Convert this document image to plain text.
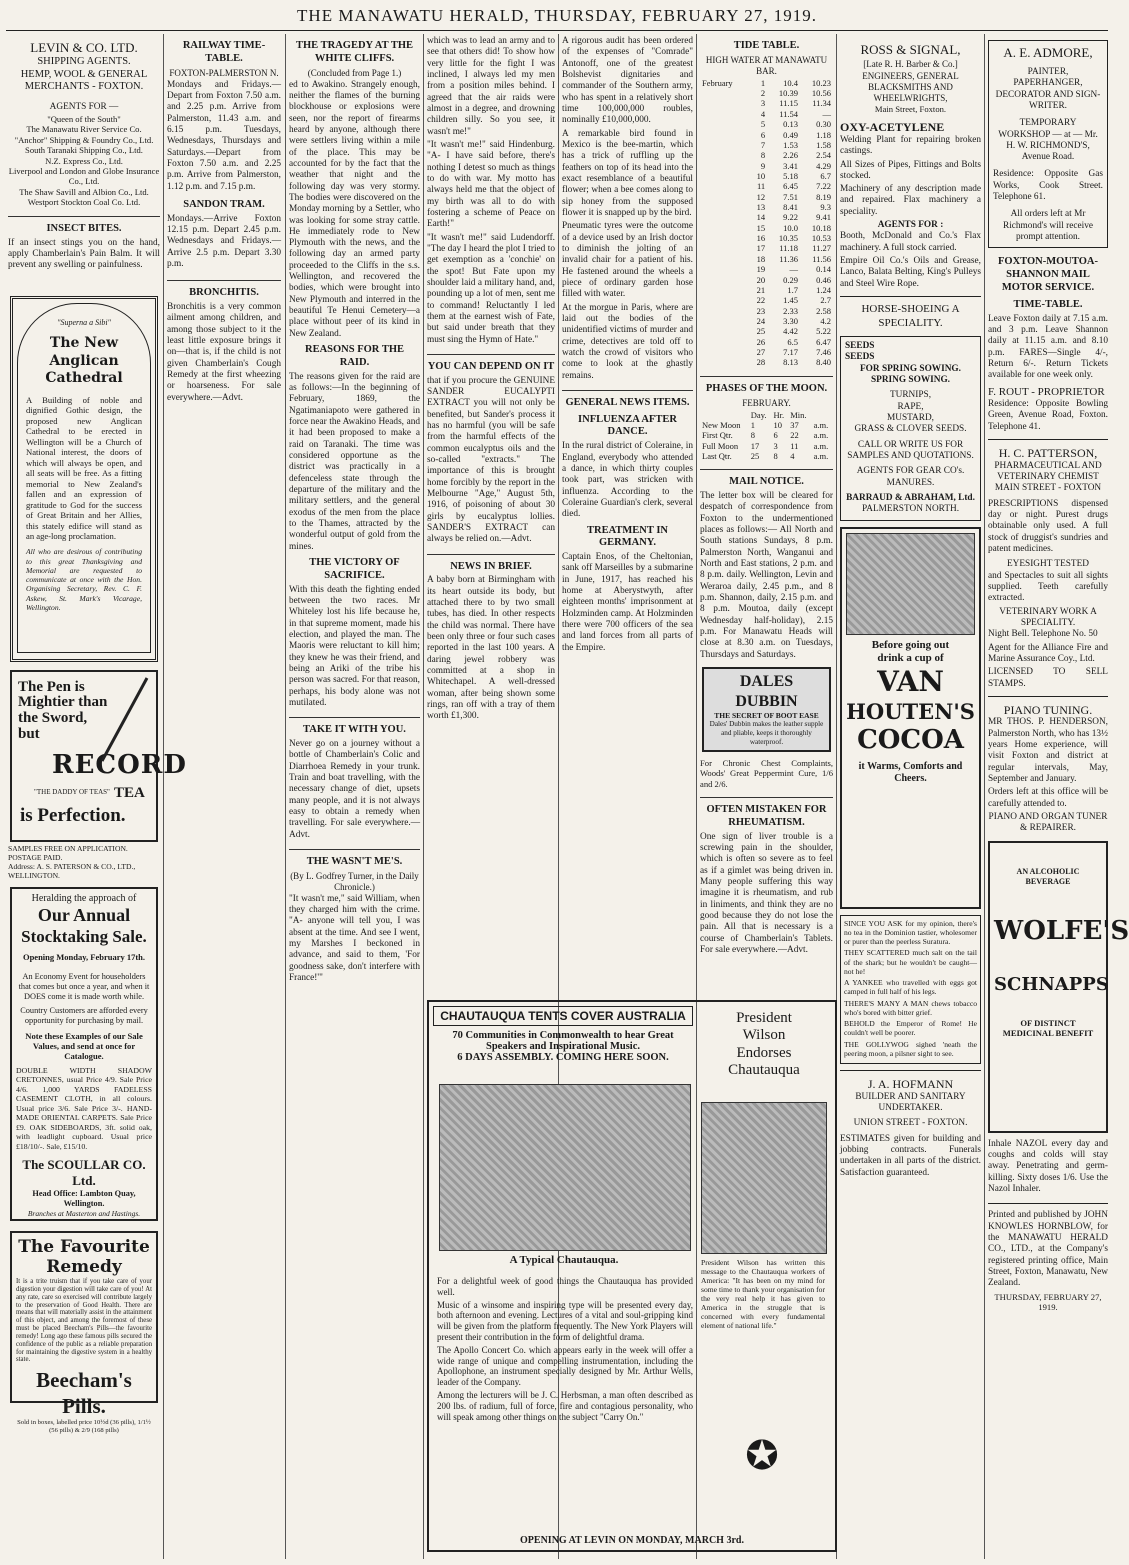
THE MANAWATU HERALD, THURSDAY, FEBRUARY 27, 1919.
LEVIN & CO. LTD.
SHIPPING AGENTS.
HEMP, WOOL & GENERAL
MERCHANTS - FOXTON.
AGENTS FOR —
"Queen of the South"
The Manawatu River Service Co.
"Anchor" Shipping & Foundry Co., Ltd.
South Taranaki Shipping Co., Ltd.
N.Z. Express Co., Ltd.
Liverpool and London and Globe Insurance Co., Ltd.
The Shaw Savill and Albion Co., Ltd.
Westport Stockton Coal Co. Ltd.
INSECT BITES.
If an insect stings you on the hand, apply Chamberlain's Pain Balm. It will prevent any swelling or painfulness.
"Superna a Sibi"
The New Anglican Cathedral
A Building of noble and dignified Gothic design, the proposed new Anglican Cathedral to be erected in Wellington will be a Church of National interest, the doors of which will always be open, and all seats will be free. As a fitting memorial to New Zealand's fallen and an expression of gratitude to God for the success of Great Britain and her Allies, this stately edifice will stand as an age-long proclamation.
All who are desirous of contributing to this great Thanksgiving and Memorial are requested to communicate at once with the Hon. Organising Secretary, Rev. C. F. Askew, St. Mark's Vicarage, Wellington.
The Pen is
Mightier than
the Sword,
but
RECORD
"THE DADDY OF TEAS" TEA
is Perfection.
SAMPLES FREE ON APPLICATION. POSTAGE PAID.
Address: A. S. PATERSON & CO., LTD., WELLINGTON.
Heralding the approach of
Our Annual
Stocktaking Sale.
Opening Monday, February 17th.
An Economy Event for householders that comes but once a year, and when it DOES come it is made worth while.
Country Customers are afforded every opportunity for purchasing by mail.
Note these Examples of our Sale Values, and send at once for Catalogue.
DOUBLE WIDTH SHADOW CRETONNES, usual Price 4/9. Sale Price 4/6. 1,000 YARDS FADELESS CASEMENT CLOTH, in all colours. Usual price 3/6. Sale Price 3/-. HAND-MADE ORIENTAL CARPETS. Sale Price £9. OAK SIDEBOARDS, 3ft. solid oak, with leadlight cupboard. Usual price £18/10/-. Sale, £15/10.
The SCOULLAR CO. Ltd.
Head Office: Lambton Quay, Wellington.
Branches at Masterton and Hastings.
The Favourite Remedy
It is a trite truism that if you take care of your digestion your digestion will take care of you! At any rate, care so exercised will contribute largely to the preservation of Good Health. There are means that will materially assist in the attainment of this object, and among the foremost of these must be placed Beecham's Pills—the favourite remedy! Long ago these famous pills secured the confidence of the public as a reliable preparation for maintaining the digestive system in a healthy state.
Beecham's Pills.
Sold in boxes, labelled price 10½d (36 pills), 1/1½ (56 pills) & 2/9 (168 pills)
RAILWAY TIME-TABLE.
FOXTON-PALMERSTON N.
Mondays and Fridays.—Depart from Foxton 7.50 a.m. and 2.25 p.m. Arrive from Palmerston, 11.43 a.m. and 6.15 p.m. Tuesdays, Wednesdays, Thursdays and Saturdays.—Depart from Foxton 7.50 a.m. and 2.25 p.m. Arrive from Palmerston, 1.12 p.m. and 7.15 p.m.
SANDON TRAM.
Mondays.—Arrive Foxton 12.15 p.m. Depart 2.45 p.m. Wednesdays and Fridays.—Arrive 2.5 p.m. Depart 3.30 p.m.
BRONCHITIS.
Bronchitis is a very common ailment among children, and among those subject to it the least little exposure brings it on—that is, if the child is not given Chamberlain's Cough Remedy at the first wheezing or hoarseness. For sale everywhere.—Advt.
THE TRAGEDY AT THE WHITE CLIFFS.
(Concluded from Page 1.)
ed to Awakino. Strangely enough, neither the flames of the burning blockhouse or explosions were seen, nor the report of firearms heard by anyone, although there were settlers living within a mile of the place. This may be accounted for by the fact that the weather that night and the following day was very stormy. The bodies were discovered on the Monday morning by a Settler, who was looking for some stray cattle. He immediately rode to New Plymouth with the news, and the following day an armed party proceeded to the Cliffs in the s.s. Wellington, and recovered the bodies, which were brought into New Plymouth and interred in the beautiful Te Henui Cemetery—a place without peer of its kind in New Zealand.
REASONS FOR THE RAID.
The reasons given for the raid are as follows:—In the beginning of February, 1869, the Ngatimaniapoto were gathered in force near the Awakino Heads, and it had been proposed to make a raid on Taranaki. The time was considered opportune as the district was practically in a defenceless state through the departure of the military and the military settlers, and the general exodus of the men from the place to the Thames, attracted by the wonderful output of gold from the mines.
THE VICTORY OF SACRIFICE.
With this death the fighting ended between the two races. Mr Whiteley lost his life because he, in that supreme moment, made his election, and played the man. The Maoris were reluctant to kill him; they knew he was their friend, and being an Ariki of the tribe his person was sacred. For that reason, perhaps, his body alone was not mutilated.
TAKE IT WITH YOU.
Never go on a journey without a bottle of Chamberlain's Colic and Diarrhoea Remedy in your trunk. Train and boat travelling, with the necessary change of diet, upsets many people, and it is not always easy to obtain a remedy when travelling. For sale everywhere.—Advt.
THE WASN'T ME'S.
(By L. Godfrey Turner, in the Daily Chronicle.)
"It wasn't me," said William, when they charged him with the crime. "A- anyone will tell you, I was absent at the time. And see I went, my Marshes I beckoned in advance, and said to them, 'For goodness sake, don't interfere with France!'"
which was to lead an army and to see that others did! To show how very little for the fight I was inclined, I always led my men from a position miles behind. I agreed that the air raids were almost in a degree, and drowning children silly. So you see, it wasn't me!"
"It wasn't me!" said Hindenburg. "A- I have said before, there's nothing I detest so much as things to do with war. My motto has always held me that the object of my birth was all to do with fostering a scheme of Peace on Earth!"
"It wasn't me!" said Ludendorff. "The day I heard the plot I tried to get exemption as a 'conchie' on the spot! But Fate upon my shoulder laid a military hand, and, pounding up a lot of men, sent me to command! Reluctantly I led them at the earnest wish of Fate, but said under breath that they must sing the Hymn of Hate."
YOU CAN DEPEND ON IT
that if you procure the GENUINE SANDER EUCALYPTI EXTRACT you will not only be benefited, but Sander's process it has no harmful (you will be safe from the harmful effects of the common eucalyptus oils and the so-called "extracts." The importance of this is brought home forcibly by the report in the Melbourne "Age," August 5th, 1916, of poisoning of about 30 girls by eucalyptus lollies. SANDER'S EXTRACT can always be relied on.—Advt.
NEWS IN BRIEF.
A baby born at Birmingham with its heart outside its body, but attached there to by two small tubes, has died. In other respects the child was normal. There have been only three or four such cases reported in the last 100 years. A daring jewel robbery was committed at a shop in Whitechapel. A well-dressed woman, after being shown some rings, ran off with a tray of them worth £1,300.
A rigorous audit has been ordered of the expenses of "Comrade" Antonoff, one of the greatest Bolshevist dignitaries and commander of the Southern army, who has spent in a relatively short time 100,000,000 roubles, nominally £10,000,000.
A remarkable bird found in Mexico is the bee-martin, which has a trick of ruffling up the feathers on top of its head into the exact resemblance of a beautiful flower; when a bee comes along to sip honey from the supposed flower it is snapped up by the bird.
Pneumatic tyres were the outcome of a device used by an Irish doctor to diminish the jolting of an invalid chair for a patient of his. He fastened around the wheels a piece of ordinary garden hose filled with water.
At the morgue in Paris, where are laid out the bodies of the unidentified victims of murder and crime, detectives are told off to watch the crowd of visitors who come to look at the ghastly remains.
GENERAL NEWS ITEMS.
INFLUENZA AFTER DANCE.
In the rural district of Coleraine, in England, everybody who attended a dance, in which thirty couples took part, was stricken with influenza. According to the Coleraine Guardian's clerk, several died.
TREATMENT IN GERMANY.
Captain Enos, of the Cheltonian, sank off Marseilles by a submarine in June, 1917, has reached his home at Aberystwyth, after eighteen months' imprisonment at Holzminden camp. At Holzminden there were 700 officers of the sea and land forces from all parts of the Empire.
TIDE TABLE.
HIGH WATER AT MANAWATU BAR.
February	1	10.4	10.23
	2	10.39	10.56
	3	11.15	11.34
	4	11.54	—
	5	0.13	0.30
	6	0.49	1.18
	7	1.53	1.58
	8	2.26	2.54
	9	3.41	4.29
	10	5.18	6.7
	11	6.45	7.22
	12	7.51	8.19
	13	8.41	9.3
	14	9.22	9.41
	15	10.0	10.18
	16	10.35	10.53
	17	11.18	11.27
	18	11.36	11.56
	19	—	0.14
	20	0.29	0.46
	21	1.7	1.24
	22	1.45	2.7
	23	2.33	2.58
	24	3.30	4.2
	25	4.42	5.22
	26	6.5	6.47
	27	7.17	7.46
	28	8.13	8.40
PHASES OF THE MOON.
FEBRUARY.
	Day.	Hr.	Min.	
New Moon	1	10	37	a.m.
First Qtr.	8	6	22	a.m.
Full Moon	17	3	11	a.m.
Last Qtr.	25	8	4	a.m.
MAIL NOTICE.
The letter box will be cleared for despatch of correspondence from Foxton to the undermentioned places as follows:— All North and South stations Sundays, 8 p.m. Palmerston North, Wanganui and North and East stations, 2 p.m. and 8 p.m. daily. Wellington, Levin and Weraroa daily, 2.45 p.m., and 8 p.m. Shannon, daily, 2.15 p.m. and 8 p.m. Moutoa, daily (except Wednesday half-holiday), 2.15 p.m. For Manawatu Heads will close at 8.30 a.m. on Tuesdays, Thursdays and Saturdays.
DALES DUBBIN
THE SECRET OF BOOT EASE
Dales' Dubbin makes the leather supple and pliable, keeps it thoroughly waterproof.
For Chronic Chest Complaints, Woods' Great Peppermint Cure, 1/6 and 2/6.
OFTEN MISTAKEN FOR RHEUMATISM.
One sign of liver trouble is a screwing pain in the shoulder, which is often so severe as to feel as if a gimlet was being driven in. Many people suffering this way imagine it is rheumatism, and rub in liniments, and think they are no good because they do not lose the pain. All that is necessary is a course of Chamberlain's Tablets. For sale everywhere.—Advt.
CHAUTAUQUA TENTS COVER AUSTRALIA
70 Communities in Commonwealth to hear Great Speakers and Inspirational Music.
6 DAYS ASSEMBLY. COMING HERE SOON.
A Typical Chautauqua.
President
Wilson
Endorses
Chautauqua
President Wilson has written this message to the Chautauqua workers of America: "It has been on my mind for some time to thank your organisation for the very real help it has given to America in the struggle that is concerned with every fundamental element of national life."
For a delightful week of good things the Chautauqua has provided well.
Music of a winsome and inspiring type will be presented every day, both afternoon and evening. Lectures of a vital and soul-gripping kind will be given from the platform frequently. The New York Players will present their contribution in the form of delightful drama.
The Apollo Concert Co. which appears early in the week will offer a wide range of unique and compelling instrumentation, including the Apollophone, an instrument specially designed by Mr. Arthur Wells, leader of the Company.
Among the lecturers will be J. C. Herbsman, a man often described as 200 lbs. of radium, full of force, fire and contagious personality, who will speak among other things on the subject "Carry On."
✪
OPENING AT LEVIN ON MONDAY, MARCH 3rd.
ROSS & SIGNAL,
[Late R. H. Barber & Co.]
ENGINEERS, GENERAL BLACKSMITHS AND WHEELWRIGHTS,
Main Street, Foxton.
OXY-ACETYLENE
Welding Plant for repairing broken castings.
All Sizes of Pipes, Fittings and Bolts stocked.
Machinery of any description made and repaired. Flax machinery a speciality.
AGENTS FOR :
Booth, McDonald and Co.'s Flax machinery. A full stock carried.
Empire Oil Co.'s Oils and Grease, Lanco, Balata Belting, King's Pulleys and Steel Wire Rope.
HORSE-SHOEING A SPECIALITY.
SEEDS
SEEDS
FOR SPRING SOWING.
SPRING SOWING.
TURNIPS,
RAPE,
MUSTARD,
GRASS & CLOVER SEEDS.
CALL OR WRITE US FOR SAMPLES AND QUOTATIONS.
AGENTS FOR GEAR CO's. MANURES.
BARRAUD & ABRAHAM, Ltd.
PALMERSTON NORTH.
Before going out
drink a cup of
VAN
HOUTEN'S
COCOA
it Warms, Comforts and Cheers.
SINCE YOU ASK for my opinion, there's no tea in the Dominion tastier, wholesomer or purer than the peerless Suratura.
THEY SCATTERED much salt on the tail of the shark; but he wouldn't be caught—not he!
A YANKEE who travelled with eggs got camped in full half of his legs.
THERE'S MANY A MAN chews tobacco who's bored with bitter grief.
BEHOLD the Emperor of Rome! He couldn't well be poorer.
THE GOLLYWOG sighed 'neath the peering moon, a pilsner sight to see.
J. A. HOFMANN
BUILDER AND SANITARY UNDERTAKER.
UNION STREET - FOXTON.
ESTIMATES given for building and jobbing contracts. Funerals undertaken in all parts of the district. Satisfaction guaranteed.
A. E. ADMORE,
PAINTER, PAPERHANGER, DECORATOR AND SIGN-WRITER.
TEMPORARY WORKSHOP — at — Mr. H. W. RICHMOND'S, Avenue Road.
Residence: Opposite Gas Works, Cook Street. Telephone 61.
All orders left at Mr Richmond's will receive prompt attention.
FOXTON-MOUTOA-SHANNON MAIL MOTOR SERVICE.
TIME-TABLE.
Leave Foxton daily at 7.15 a.m. and 3 p.m. Leave Shannon daily at 11.15 a.m. and 8.10 p.m. FARES—Single 4/-, Return 6/-. Return Tickets available for one week only.
F. ROUT - PROPRIETOR
Residence: Opposite Bowling Green, Avenue Road, Foxton. Telephone 41.
H. C. PATTERSON,
PHARMACEUTICAL AND VETERINARY CHEMIST
MAIN STREET - FOXTON
PRESCRIPTIONS dispensed day or night. Purest drugs obtainable only used. A full stock of druggist's sundries and patent medicines.
EYESIGHT TESTED
and Spectacles to suit all sights supplied. Teeth carefully extracted.
VETERINARY WORK A SPECIALITY.
Night Bell. Telephone No. 50
Agent for the Alliance Fire and Marine Assurance Coy., Ltd.
LICENSED TO SELL STAMPS.
PIANO TUNING.
MR THOS. P. HENDERSON, Palmerston North, who has 13½ years Home experience, will visit Foxton and district at regular intervals, May, September and January.
Orders left at this office will be carefully attended to.
PIANO AND ORGAN TUNER & REPAIRER.
AN ALCOHOLIC BEVERAGE
WOLFE'S
SCHNAPPS
OF DISTINCT MEDICINAL BENEFIT
Inhale NAZOL every day and coughs and colds will stay away. Penetrating and germ-killing. Sixty doses 1/6. Use the Nazol Inhaler.
Printed and published by JOHN KNOWLES HORNBLOW, for the MANAWATU HERALD CO., LTD., at the Company's registered printing office, Main Street, Foxton, Manawatu, New Zealand.
THURSDAY, FEBRUARY 27, 1919.
